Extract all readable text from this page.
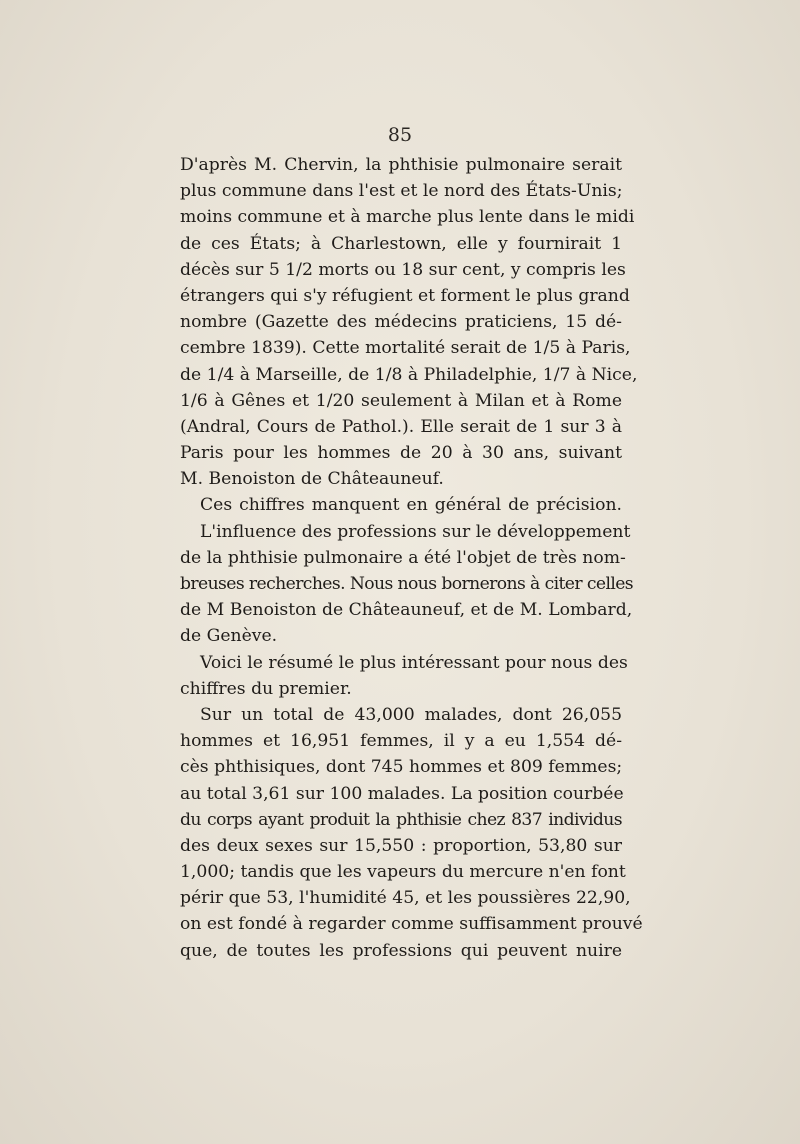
85
D'après M. Chervin, la phthisie pulmonaire serait
plus commune dans l'est et le nord des États-Unis;
moins commune et à marche plus lente dans le midi
de ces États; à Charlestown, elle y fournirait 1
décès sur 5 1/2 morts ou 18 sur cent, y compris les
étrangers qui s'y réfugient et forment le plus grand
nombre (Gazette des médecins praticiens, 15 dé-
cembre 1839). Cette mortalité serait de 1/5 à Paris,
de 1/4 à Marseille, de 1/8 à Philadelphie, 1/7 à Nice,
1/6 à Gênes et 1/20 seulement à Milan et à Rome
(Andral, Cours de Pathol.). Elle serait de 1 sur 3 à
Paris pour les hommes de 20 à 30 ans, suivant
M. Benoiston de Châteauneuf.
Ces chiffres manquent en général de précision.
L'influence des professions sur le développement
de la phthisie pulmonaire a été l'objet de très nom-
breuses recherches. Nous nous bornerons à citer celles
de M Benoiston de Châteauneuf, et de M. Lombard,
de Genève.
Voici le résumé le plus intéressant pour nous des
chiffres du premier.
Sur un total de 43,000 malades, dont 26,055
hommes et 16,951 femmes, il y a eu 1,554 dé-
cès phthisiques, dont 745 hommes et 809 femmes;
au total 3,61 sur 100 malades. La position courbée
du corps ayant produit la phthisie chez 837 individus
des deux sexes sur 15,550 : proportion, 53,80 sur
1,000; tandis que les vapeurs du mercure n'en font
périr que 53, l'humidité 45, et les poussières 22,90,
on est fondé à regarder comme suffisamment prouvé
que, de toutes les professions qui peuvent nuire
